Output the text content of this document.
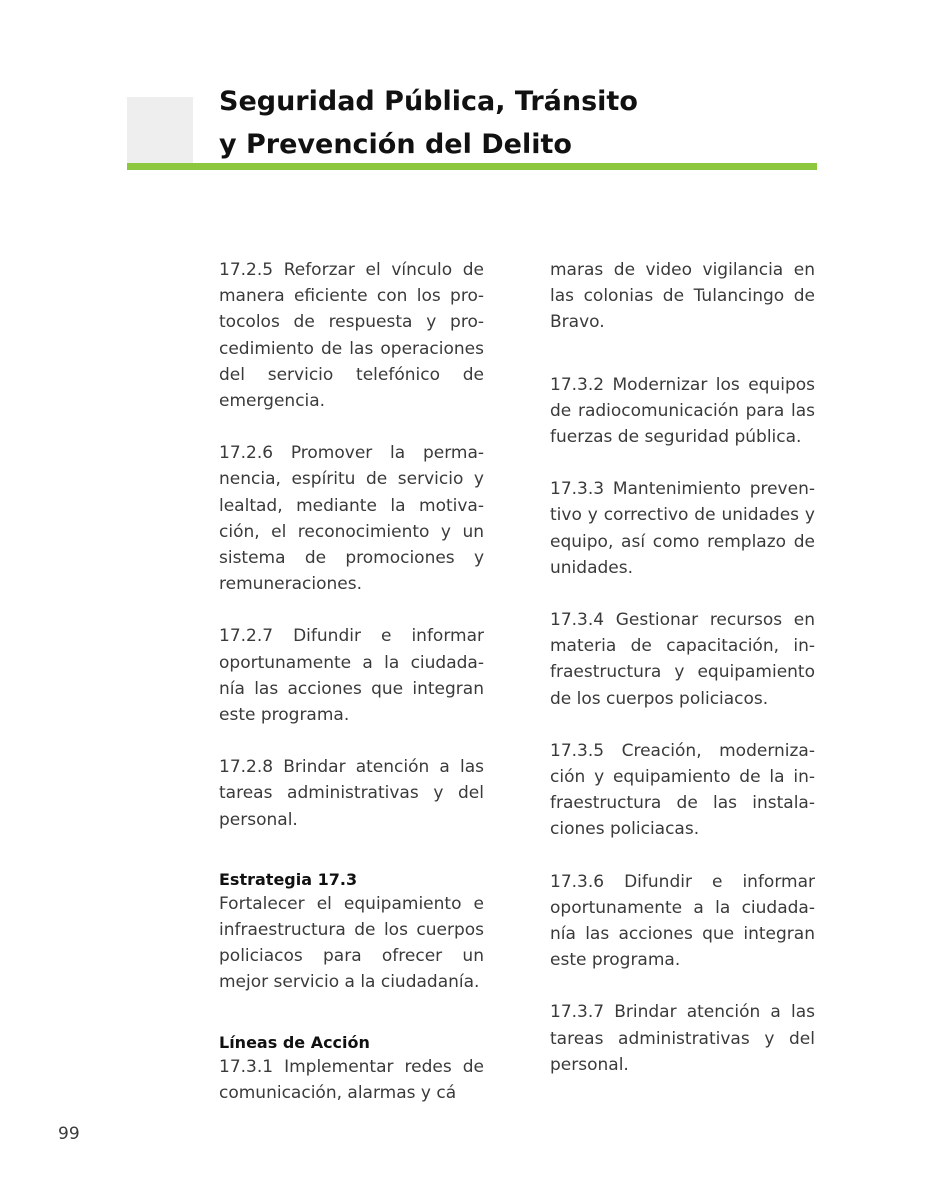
Seguridad Pública, Tránsito
y Prevención del Delito

17.2.5 Reforzar el vínculo de manera eficiente con los protocolos de respuesta y procedimiento de las operaciones del servicio telefónico de emergencia.

17.2.6 Promover la permanencia, espíritu de servicio y lealtad, mediante la motivación, el reconocimiento y un sistema de promociones y remuneraciones.

17.2.7 Difundir e informar oportunamente a la ciudadanía las acciones que integran este programa.

17.2.8 Brindar atención a las tareas administrativas y del personal.

Estrategia 17.3

Fortalecer el equipamiento e infraestructura de los cuerpos policiacos para ofrecer un mejor servicio a la ciudadanía.

Líneas de Acción

17.3.1 Implementar redes de comunicación, alarmas y cá

maras de video vigilancia en las colonias de Tulancingo de Bravo.

17.3.2 Modernizar los equipos de radiocomunicación para las fuerzas de seguridad pública.

17.3.3 Mantenimiento preventivo y correctivo de unidades y equipo, así como remplazo de unidades.

17.3.4 Gestionar recursos en materia de capacitación, infraestructura y equipamiento de los cuerpos policiacos.

17.3.5 Creación, modernización y equipamiento de la infraestructura de las instalaciones policiacas.

17.3.6 Difundir e informar oportunamente a la ciudadanía las acciones que integran este programa.

17.3.7 Brindar atención a las tareas administrativas y del personal.

99
